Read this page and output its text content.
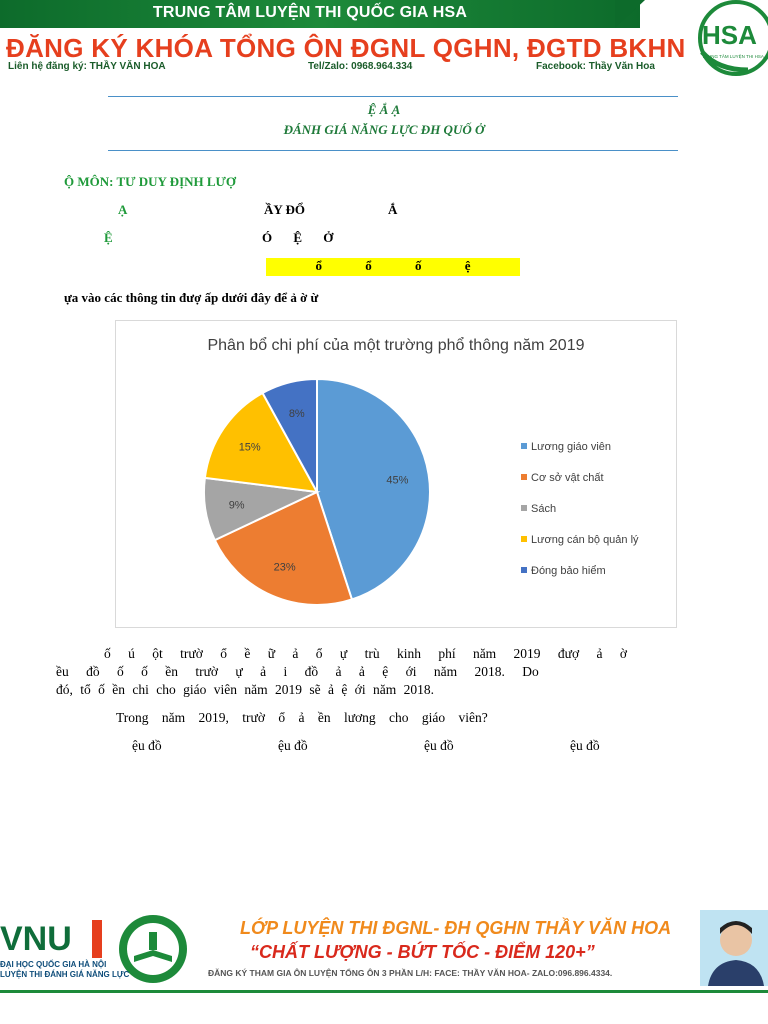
TRUNG TÂM LUYỆN THI QUỐC GIA HSA
ĐĂNG KÝ KHÓA TỔNG ÔN ĐGNL QGHN, ĐGTD BKHN
Liên hệ đăng ký: THẦY VĂN HOA	Tel/Zalo: 0968.964.334	Facebook: Thầy Văn Hoa
HSA
TRUNG TÂM LUYỆN THI HSA
Ệ Ắ Ạ
ĐÁNH GIÁ NĂNG LỰC ĐH QUỐ Ở
Ộ MÔN: TƯ DUY ĐỊNH LƯỢ
Ạ	ẦY ĐỔ	Ắ
Ệ	Ó Ệ Ở
ổ ổ ố ệ
ựa vào các thông tin đượ ấp dưới đây để ả ờ ừ
Phân bổ chi phí của một trường phổ thông năm 2019
45%
23%
9%
15%
8%
Lương giáo viên
Cơ sở vật chất
Sách
Lương cán bộ quản lý
Đóng bảo hiểm
ố ú ột trườ ổ ề ữ ả ổ ự trù kinh phí năm 2019 đượ ả ờ
ều đồ ố ố ền trườ ự ả i đồ ả ả ệ ới năm 2018. Do
đó, tổ ố ền chi cho giáo viên năm 2019 sẽ ả ệ ới năm 2018.
Trong năm 2019, trườ ổ ả ền lương cho giáo viên?
ệu đồ	ệu đồ	ệu đồ	ệu đồ
VNU
ĐẠI HỌC QUỐC GIA HÀ NỘI
LUYỆN THI ĐÁNH GIÁ NĂNG LỰC
LỚP LUYỆN THI ĐGNL- ĐH QGHN THẦY VĂN HOA
“CHẤT LƯỢNG - BỨT TỐC - ĐIỂM 120+”
ĐĂNG KÝ THAM GIA ÔN LUYỆN TỔNG ÔN 3 PHẦN L/H: FACE: THẦY VĂN HOA- ZALO:096.896.4334.
